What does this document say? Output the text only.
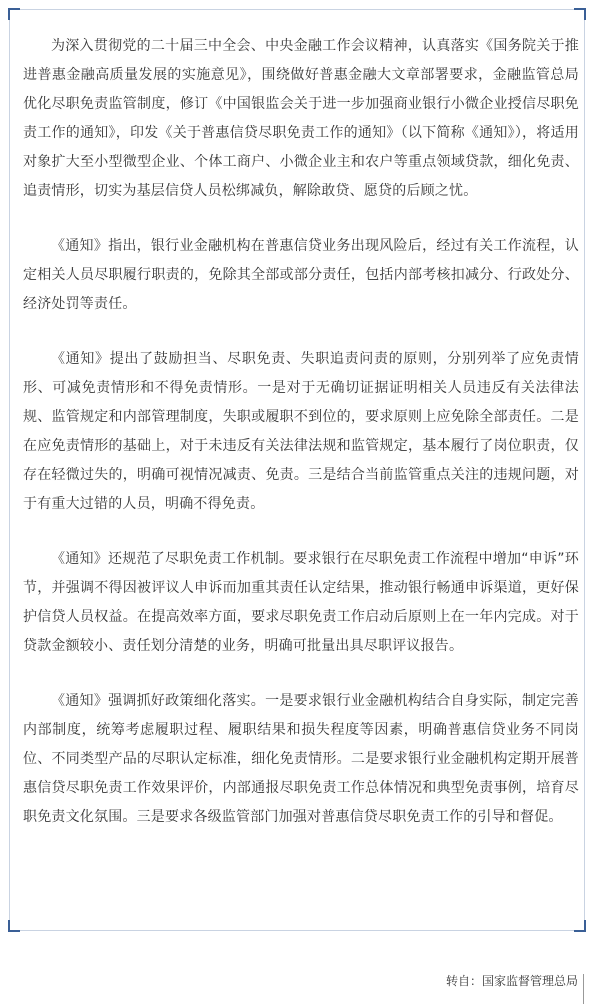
为深入贯彻党的二十届三中全会、中央金融工作会议精神，认真落实《国务院关于推进普惠金融高质量发展的实施意见》，围绕做好普惠金融大文章部署要求，金融监管总局优化尽职免责监管制度，修订《中国银监会关于进一步加强商业银行小微企业授信尽职免责工作的通知》，印发《关于普惠信贷尽职免责工作的通知》（以下简称《通知》），将适用对象扩大至小型微型企业、个体工商户、小微企业主和农户等重点领域贷款，细化免责、追责情形，切实为基层信贷人员松绑减负，解除敢贷、愿贷的后顾之忧。

《通知》指出，银行业金融机构在普惠信贷业务出现风险后，经过有关工作流程，认定相关人员尽职履行职责的，免除其全部或部分责任，包括内部考核扣减分、行政处分、经济处罚等责任。

《通知》提出了鼓励担当、尽职免责、失职追责问责的原则，分别列举了应免责情形、可减免责情形和不得免责情形。一是对于无确切证据证明相关人员违反有关法律法规、监管规定和内部管理制度，失职或履职不到位的，要求原则上应免除全部责任。二是在应免责情形的基础上，对于未违反有关法律法规和监管规定，基本履行了岗位职责，仅存在轻微过失的，明确可视情况减责、免责。三是结合当前监管重点关注的违规问题，对于有重大过错的人员，明确不得免责。

《通知》还规范了尽职免责工作机制。要求银行在尽职免责工作流程中增加“申诉”环节，并强调不得因被评议人申诉而加重其责任认定结果，推动银行畅通申诉渠道，更好保护信贷人员权益。在提高效率方面，要求尽职免责工作启动后原则上在一年内完成。对于贷款金额较小、责任划分清楚的业务，明确可批量出具尽职评议报告。

《通知》强调抓好政策细化落实。一是要求银行业金融机构结合自身实际，制定完善内部制度，统筹考虑履职过程、履职结果和损失程度等因素，明确普惠信贷业务不同岗位、不同类型产品的尽职认定标准，细化免责情形。二是要求银行业金融机构定期开展普惠信贷尽职免责工作效果评价，内部通报尽职免责工作总体情况和典型免责事例，培育尽职免责文化氛围。三是要求各级监管部门加强对普惠信贷尽职免责工作的引导和督促。

转自：国家监督管理总局
